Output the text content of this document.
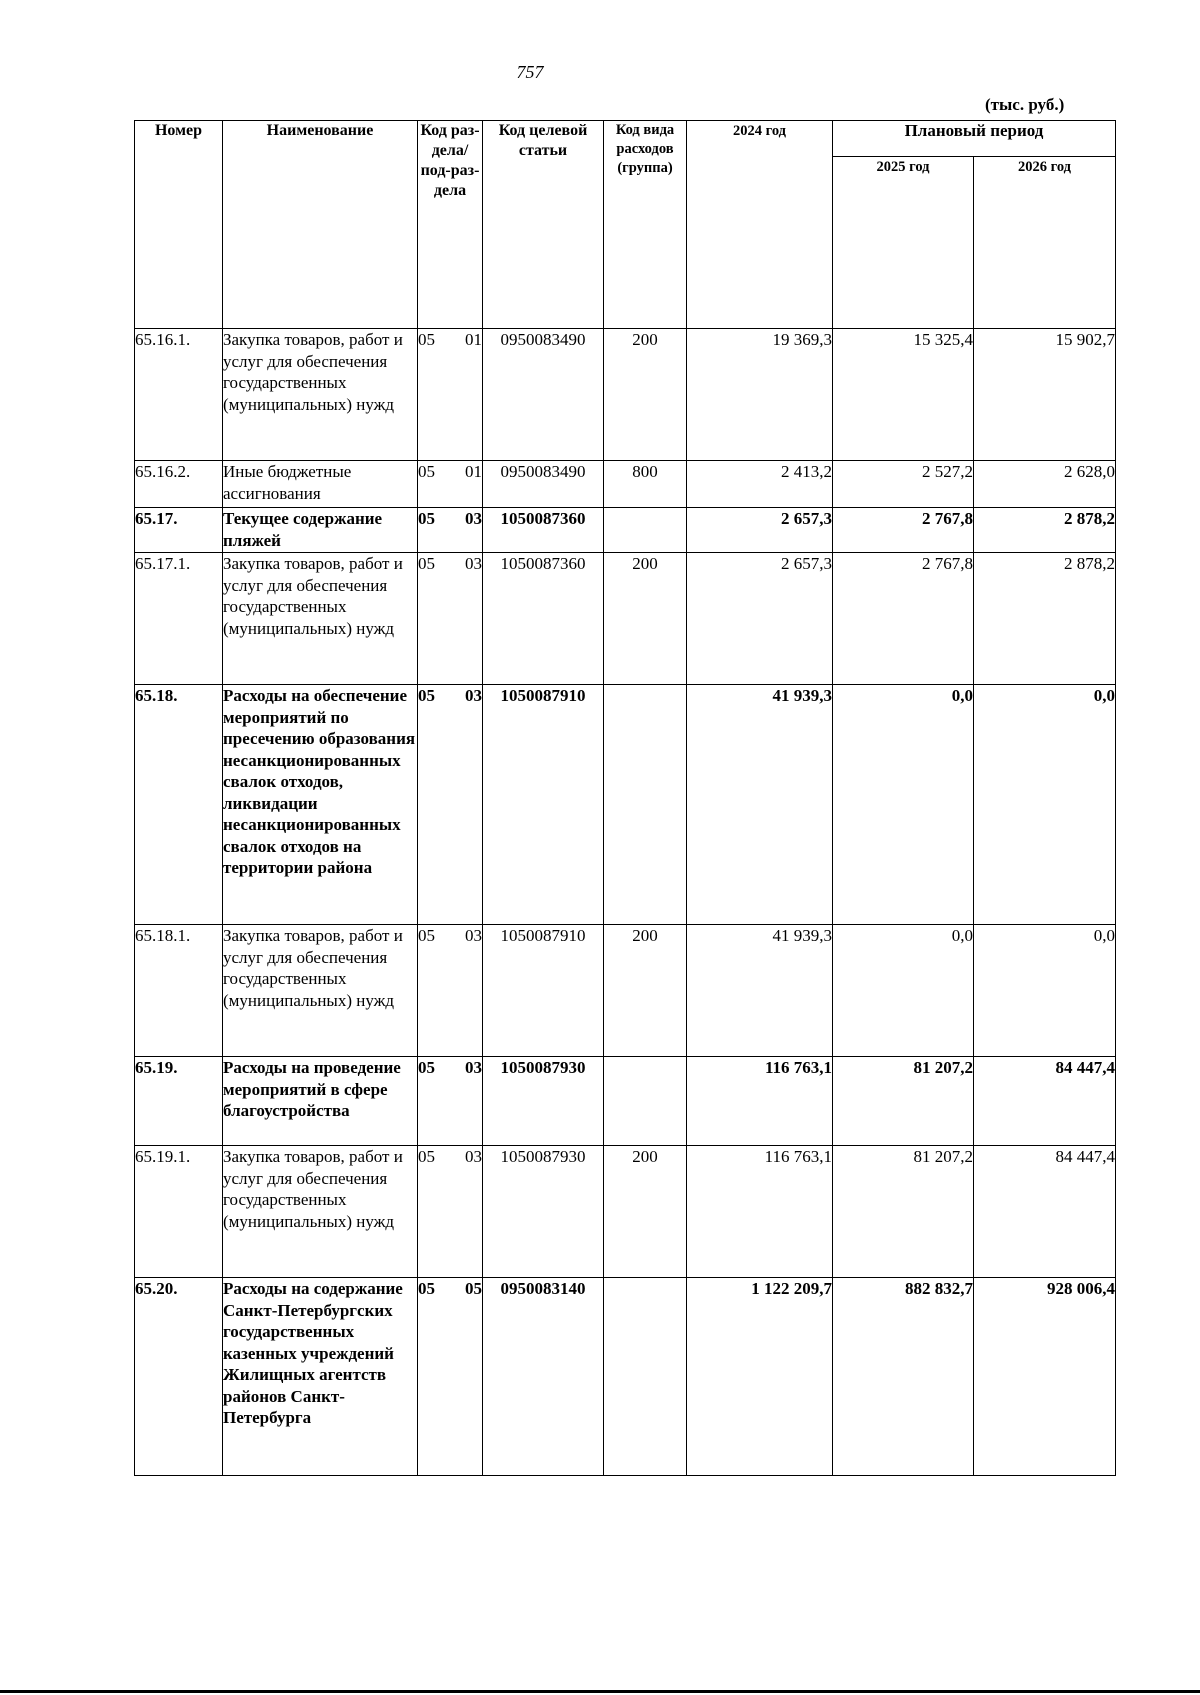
757
(тыс. руб.)
Номер	Наименование	Код раз-дела/ под-раз-дела	Код целевой статьи	Код вида расходов (группа)	2024 год	Плановый период	
						2025 год	2026 год
65.16.1.	Закупка товаров, работ и услуг для обеспечения государственных (муниципальных) нужд	05 01	0950083490	200	19 369,3	15 325,4	15 902,7
65.16.2.	Иные бюджетные ассигнования	05 01	0950083490	800	2 413,2	2 527,2	2 628,0
65.17.	Текущее содержание пляжей	05 03	1050087360		2 657,3	2 767,8	2 878,2
65.17.1.	Закупка товаров, работ и услуг для обеспечения государственных (муниципальных) нужд	05 03	1050087360	200	2 657,3	2 767,8	2 878,2
65.18.	Расходы на обеспечение мероприятий по пресечению образования несанкционированных свалок отходов, ликвидации несанкционированных свалок отходов на территории района	05 03	1050087910		41 939,3	0,0	0,0
65.18.1.	Закупка товаров, работ и услуг для обеспечения государственных (муниципальных) нужд	05 03	1050087910	200	41 939,3	0,0	0,0
65.19.	Расходы на проведение мероприятий в сфере благоустройства	05 03	1050087930		116 763,1	81 207,2	84 447,4
65.19.1.	Закупка товаров, работ и услуг для обеспечения государственных (муниципальных) нужд	05 03	1050087930	200	116 763,1	81 207,2	84 447,4
65.20.	Расходы на содержание Санкт-Петербургских государственных казенных учреждений Жилищных агентств районов Санкт-Петербурга	05 05	0950083140		1 122 209,7	882 832,7	928 006,4
